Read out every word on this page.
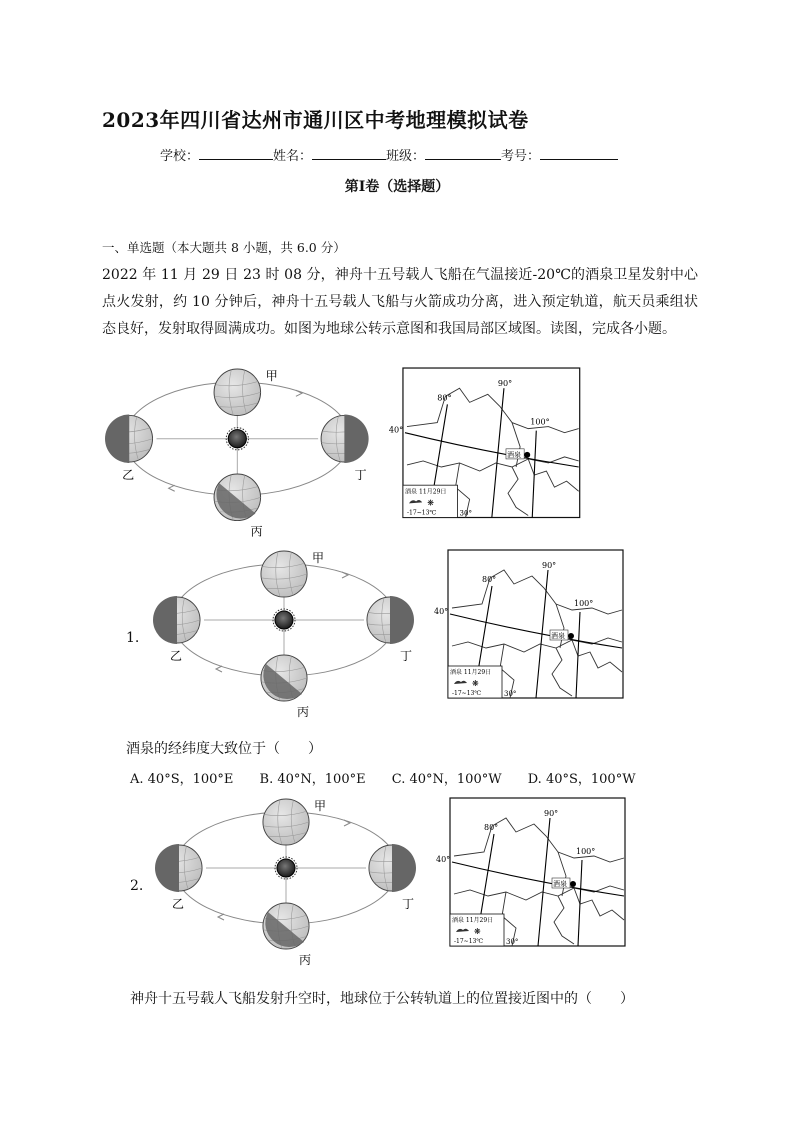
2023年四川省达州市通川区中考地理模拟试卷
学校：	姓名：	班级：	考号：
第Ⅰ卷（选择题）
一、单选题（本大题共 8 小题，共 6.0 分）
2022 年 11 月 29 日 23 时 08 分，神舟十五号载人飞船在气温接近-20℃的酒泉卫星发射中心点火发射，约 10 分钟后，神舟十五号载人飞船与火箭成功分离，进入预定轨道，航天员乘组状态良好，发射取得圆满成功。如图为地球公转示意图和我国局部区域图。读图，完成各小题。
甲
乙	丁
丙
40°
80°
90°
100°
30°
酒泉
酒泉 11月29日
❋
-17~13℃
1.
甲
乙	丁
丙
40°
80°
90°
100°
30°
酒泉
酒泉 11月29日
❋
-17~13℃
酒泉的经纬度大致位于（　　）
A. 40°S，100°E B. 40°N，100°E C. 40°N，100°W D. 40°S，100°W
2.
甲
乙	丁
丙
40°
80°
90°
100°
30°
酒泉
酒泉 11月29日
❋
-17~13℃
神舟十五号载人飞船发射升空时，地球位于公转轨道上的位置接近图中的（　　）
